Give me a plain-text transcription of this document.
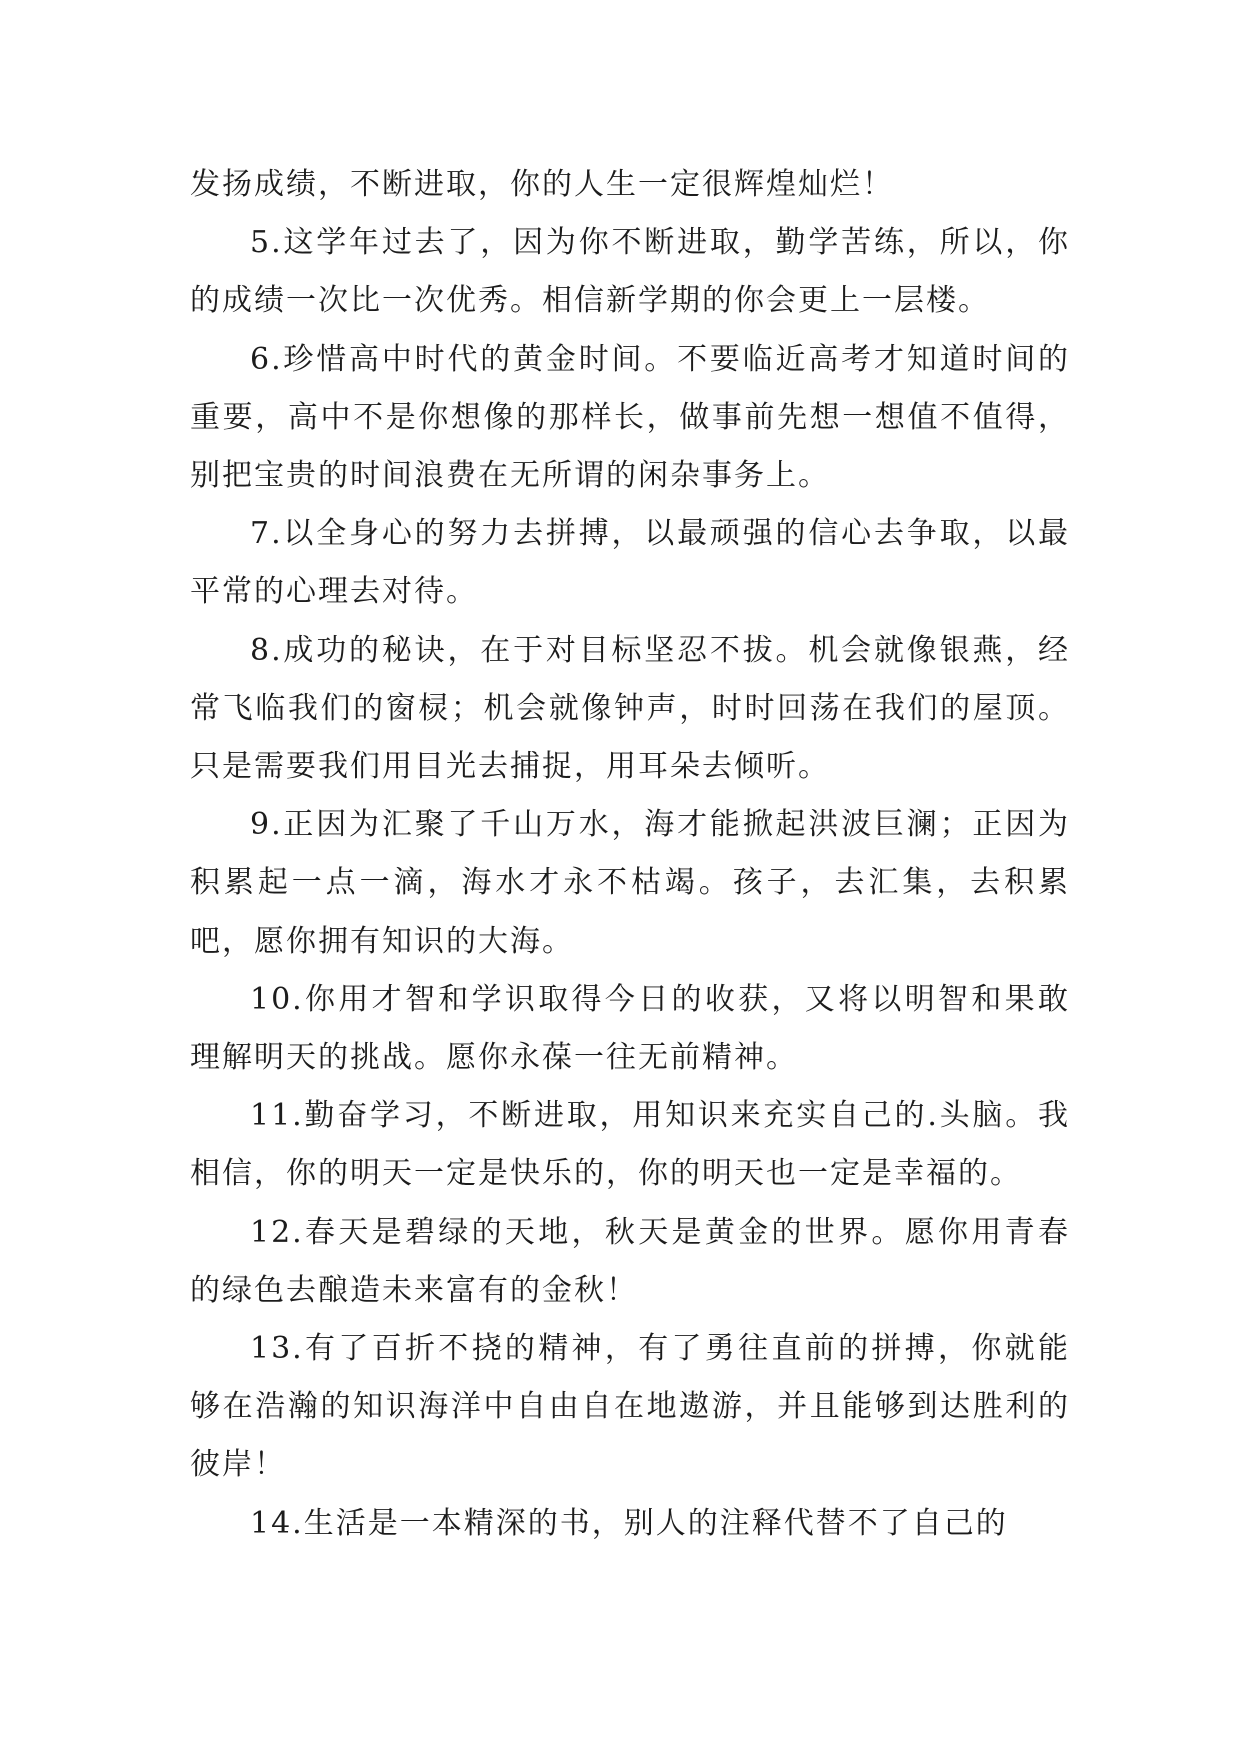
发扬成绩，不断进取，你的人生一定很辉煌灿烂！

5.这学年过去了，因为你不断进取，勤学苦练，所以，你的成绩一次比一次优秀。相信新学期的你会更上一层楼。

6.珍惜高中时代的黄金时间。不要临近高考才知道时间的重要，高中不是你想像的那样长，做事前先想一想值不值得，别把宝贵的时间浪费在无所谓的闲杂事务上。

7.以全身心的努力去拼搏，以最顽强的信心去争取，以最平常的心理去对待。

8.成功的秘诀，在于对目标坚忍不拔。机会就像银燕，经常飞临我们的窗棂；机会就像钟声，时时回荡在我们的屋顶。只是需要我们用目光去捕捉，用耳朵去倾听。

9.正因为汇聚了千山万水，海才能掀起洪波巨澜；正因为积累起一点一滴，海水才永不枯竭。孩子，去汇集，去积累吧，愿你拥有知识的大海。

10.你用才智和学识取得今日的收获，又将以明智和果敢理解明天的挑战。愿你永葆一往无前精神。

11.勤奋学习，不断进取，用知识来充实自己的.头脑。我相信，你的明天一定是快乐的，你的明天也一定是幸福的。

12.春天是碧绿的天地，秋天是黄金的世界。愿你用青春的绿色去酿造未来富有的金秋！

13.有了百折不挠的精神，有了勇往直前的拼搏，你就能够在浩瀚的知识海洋中自由自在地遨游，并且能够到达胜利的彼岸！

14.生活是一本精深的书，别人的注释代替不了自己的
